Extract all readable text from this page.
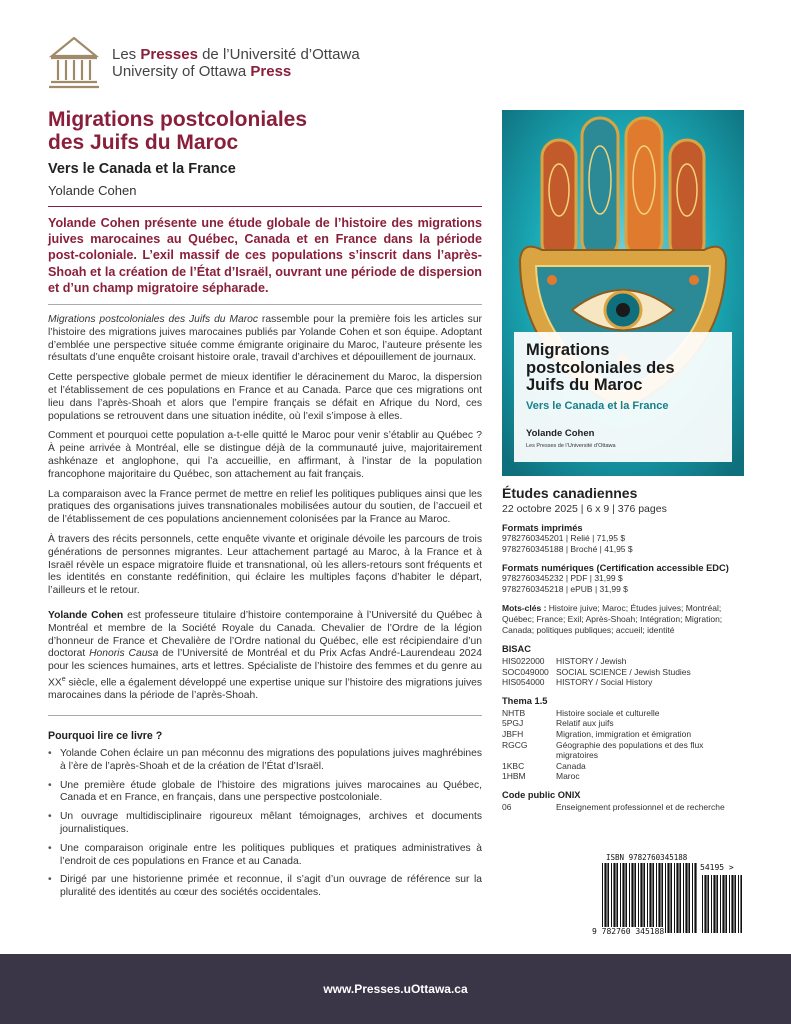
Les Presses de l’Université d’Ottawa
University of Ottawa Press
Migrations postcoloniales
des Juifs du Maroc
Vers le Canada et la France
Yolande Cohen
Yolande Cohen présente une étude globale de l’histoire des migrations juives marocaines au Québec, Canada et en France dans la période post-coloniale. L’exil massif de ces populations s’inscrit dans l’après-Shoah et la création de l’État d’Israël, ouvrant une période de dispersion et d’un champ migratoire sépharade.

Migrations postcoloniales des Juifs du Maroc rassemble pour la première fois les articles sur l’histoire des migrations juives marocaines publiés par Yolande Cohen et son équipe. Adoptant d’emblée une perspective située comme émigrante originaire du Maroc, l’auteure présente les résultats d’une enquête croisant histoire orale, travail d’archives et dépouillement de journaux.

Cette perspective globale permet de mieux identifier le déracinement du Maroc, la dispersion et l’établissement de ces populations en France et au Canada. Parce que ces migrations ont lieu dans l’après-Shoah et alors que l’empire français se défait en Afrique du Nord, ces populations se retrouvent dans une situation inédite, où l’exil s’impose à elles.

Comment et pourquoi cette population a-t-elle quitté le Maroc pour venir s’établir au Québec ? À peine arrivée à Montréal, elle se distingue déjà de la communauté juive, majoritairement ashkénaze et anglophone, qui l’a accueillie, en affirmant, à l’instar de la population francophone majoritaire du Québec, son attachement au fait français.

La comparaison avec la France permet de mettre en relief les politiques publiques ainsi que les pratiques des organisations juives transnationales mobilisées autour du soutien, de l’accueil et de l’établissement de ces populations anciennement colonisées par la France au Maroc.

À travers des récits personnels, cette enquête vivante et originale dévoile les parcours de trois générations de personnes migrantes. Leur attachement partagé au Maroc, à la France et à Israël révèle un espace migratoire fluide et transnational, où les allers-retours sont fréquents et les identités en constante redéfinition, qui éclaire les multiples façons d’habiter le départ, l’ailleurs et le retour.

Yolande Cohen est professeure titulaire d’histoire contemporaine à l’Université du Québec à Montréal et membre de la Société Royale du Canada. Chevalier de l’Ordre de la légion d’honneur de France et Chevalière de l’Ordre national du Québec, elle est récipiendaire d’un doctorat Honoris Causa de l’Université de Montréal et du Prix Acfas André-Laurendeau 2024 pour les sciences humaines, arts et lettres. Spécialiste de l’histoire des femmes et du genre au XXe siècle, elle a également développé une expertise unique sur l’histoire des migrations juives marocaines dans la période de l’après-Shoah.
Pourquoi lire ce livre ?
• Yolande Cohen éclaire un pan méconnu des migrations des populations juives maghrébines à l’ère de l’après-Shoah et de la création de l’État d’Israël.
• Une première étude globale de l’histoire des migrations juives marocaines au Québec, Canada et en France, en français, dans une perspective postcoloniale.
• Un ouvrage multidisciplinaire rigoureux mêlant témoignages, archives et documents journalistiques.
• Une comparaison originale entre les politiques publiques et pratiques administratives à l’endroit de ces populations en France et au Canada.
• Dirigé par une historienne primée et reconnue, il s’agit d’un ouvrage de référence sur la pluralité des identités au cœur des sociétés occidentales.
Migrations
postcoloniales des
Juifs du Maroc
Vers le Canada et la France
Yolande Cohen
Les Presses de l’Université d’Ottawa
Études canadiennes
22 octobre 2025 | 6 x 9 | 376 pages
Formats imprimés
9782760345201 | Relié | 71,95 $
9782760345188 | Broché | 41,95 $
Formats numériques (Certification accessible EDC)
9782760345232 | PDF | 31,99 $
9782760345218 | ePUB | 31,99 $
Mots-clés : Histoire juive; Maroc; Études juives; Montréal; Québec; France; Exil; Après-Shoah; Intégration; Migration; Canada; politiques publiques; accueil; identité
BISAC
HIS022000	HISTORY / Jewish
SOC049000 SOCIAL SCIENCE / Jewish Studies
HIS054000	HISTORY / Social History
Thema 1.5
NHTB	Histoire sociale et culturelle
5PGJ	Relatif aux juifs
JBFH	Migration, immigration et émigration
RGCG	Géographie des populations et des flux migratoires
1KBC	Canada
1HBM	Maroc
Code public ONIX
06	Enseignement professionnel et de recherche
ISBN 9782760345188
54195 >
9 782760 345188
www.Presses.uOttawa.ca
